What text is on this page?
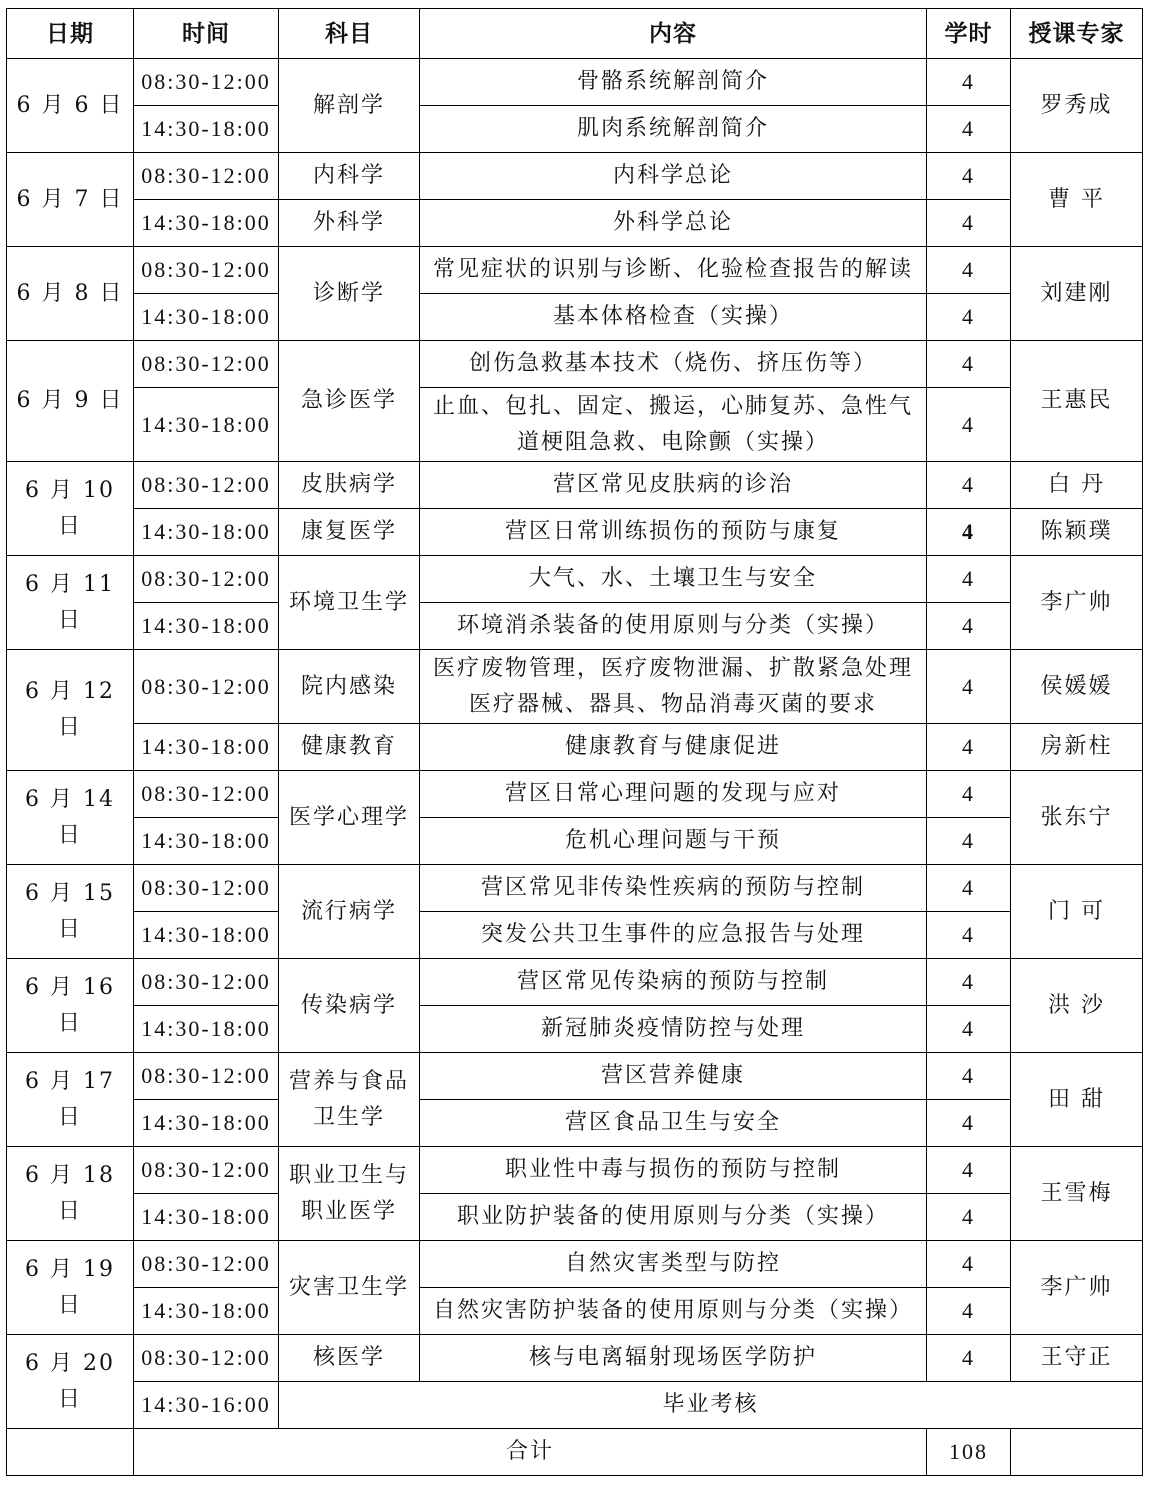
日期	时间	科目	内容	学时	授课专家
6 月 6 日	08:30-12:00	解剖学	骨骼系统解剖简介	4	罗秀成
	14:30-18:00		肌肉系统解剖简介	4	
6 月 7 日	08:30-12:00	内科学	内科学总论	4	曹 平
	14:30-18:00	外科学	外科学总论	4	
6 月 8 日	08:30-12:00	诊断学	常见症状的识别与诊断、化验检查报告的解读	4	刘建刚
	14:30-18:00		基本体格检查（实操）	4	
6 月 9 日	08:30-12:00	急诊医学	创伤急救基本技术（烧伤、挤压伤等）	4	王惠民
	14:30-18:00		止血、包扎、固定、搬运，心肺复苏、急性气道梗阻急救、电除颤（实操）	4	
6 月 10 日	08:30-12:00	皮肤病学	营区常见皮肤病的诊治	4	白 丹
	14:30-18:00	康复医学	营区日常训练损伤的预防与康复	4	陈颖璞
6 月 11 日	08:30-12:00	环境卫生学	大气、水、土壤卫生与安全	4	李广帅
	14:30-18:00		环境消杀装备的使用原则与分类（实操）	4	
6 月 12 日	08:30-12:00	院内感染	医疗废物管理，医疗废物泄漏、扩散紧急处理医疗器械、器具、物品消毒灭菌的要求	4	侯媛媛
	14:30-18:00	健康教育	健康教育与健康促进	4	房新柱
6 月 14 日	08:30-12:00	医学心理学	营区日常心理问题的发现与应对	4	张东宁
	14:30-18:00		危机心理问题与干预	4	
6 月 15 日	08:30-12:00	流行病学	营区常见非传染性疾病的预防与控制	4	门 可
	14:30-18:00		突发公共卫生事件的应急报告与处理	4	
6 月 16 日	08:30-12:00	传染病学	营区常见传染病的预防与控制	4	洪 沙
	14:30-18:00		新冠肺炎疫情防控与处理	4	
6 月 17 日	08:30-12:00	营养与食品卫生学	营区营养健康	4	田 甜
	14:30-18:00		营区食品卫生与安全	4	
6 月 18 日	08:30-12:00	职业卫生与职业医学	职业性中毒与损伤的预防与控制	4	王雪梅
	14:30-18:00		职业防护装备的使用原则与分类（实操）	4	
6 月 19 日	08:30-12:00	灾害卫生学	自然灾害类型与防控	4	李广帅
	14:30-18:00		自然灾害防护装备的使用原则与分类（实操）	4	
6 月 20 日	08:30-12:00	核医学	核与电离辐射现场医学防护	4	王守正
	14:30-16:00	毕业考核			
	合计			108	
